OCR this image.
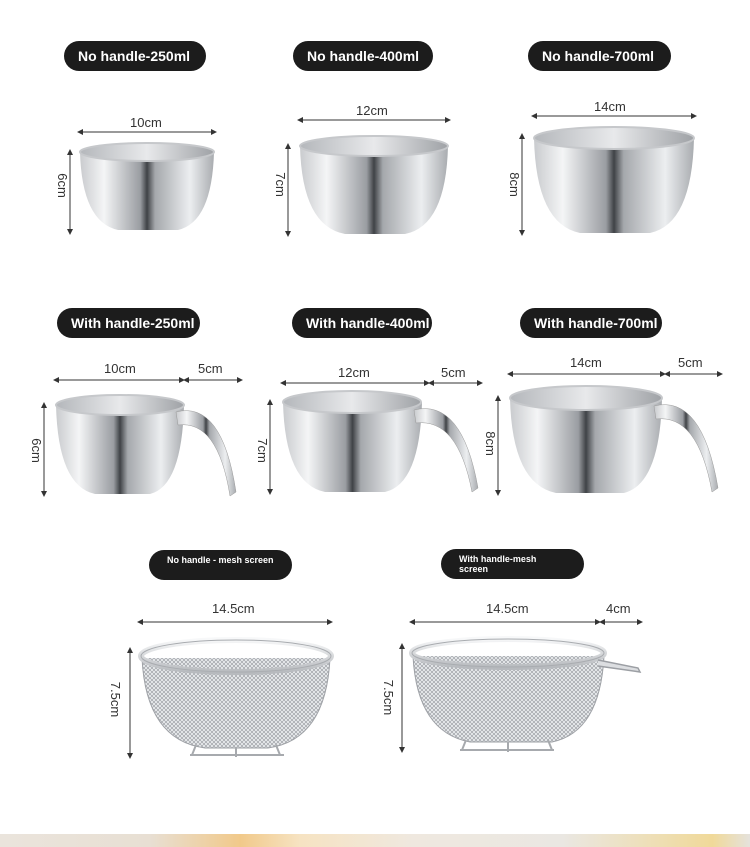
No handle-250ml	No handle-400ml	No handle-700ml
10cm
6cm
12cm
7cm
14cm
8cm
With handle-250ml	With handle-400ml	With handle-700ml
10cm	5cm
6cm
12cm	5cm
7cm
14cm	5cm
8cm
No handle - mesh screen	With handle-mesh screen
14.5cm
7.5cm
14.5cm	4cm
7.5cm
